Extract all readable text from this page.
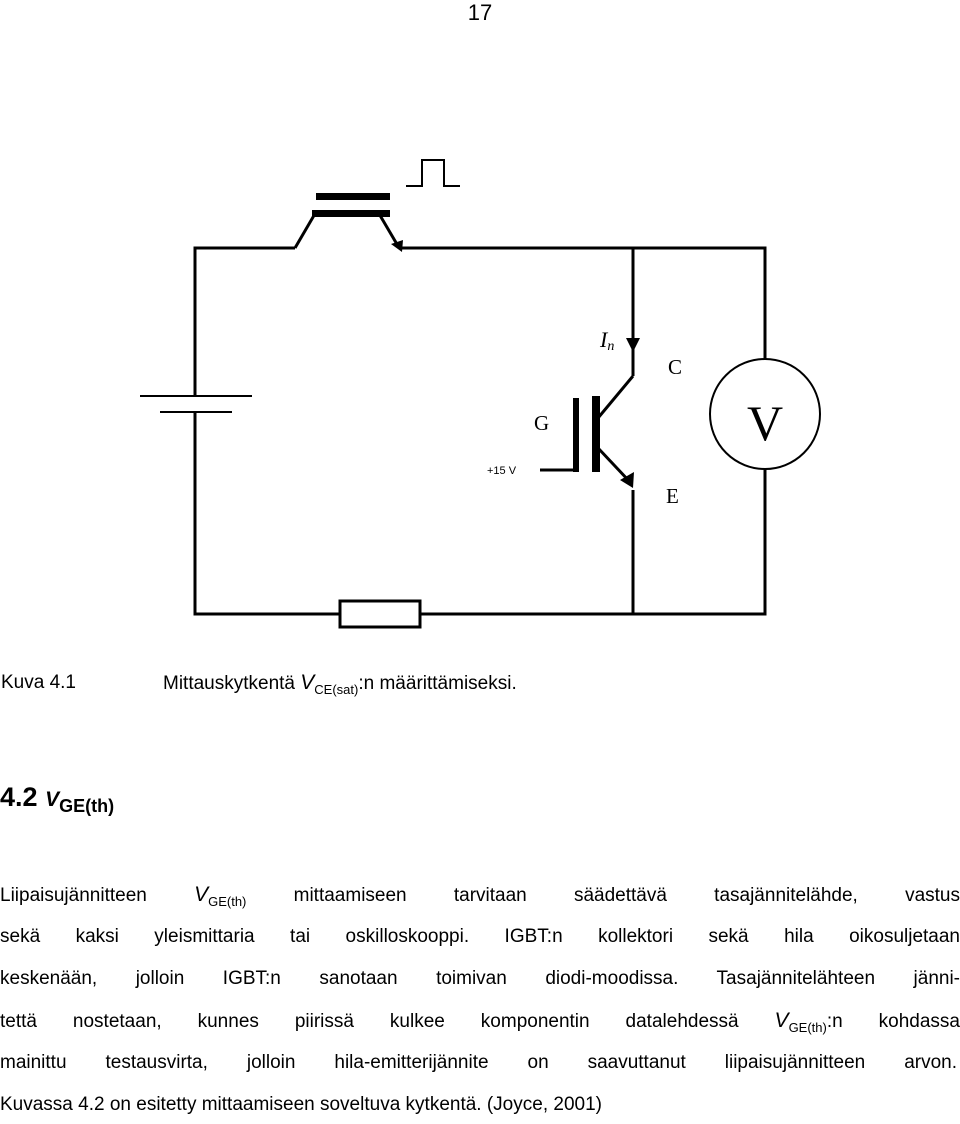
17
In
C
G
E
+15 V
V
Kuva 4.1	Mittauskytkentä $V_{CE(sat)}:n$ määrittämiseksi.
4.2 $V_{GE(th)}$
Liipaisujännitteen $V_{GE(th)}$ mittaamiseen tarvitaan säädettävä tasajännitelähde, vastus
sekä kaksi yleismittaria tai oskilloskooppi. IGBT:n kollektori sekä hila oikosuljetaan
keskenään, jolloin IGBT:n sanotaan toimivan diodi-moodissa. Tasajännitelähteen jänni-
tettä nostetaan, kunnes piirissä kulkee komponentin datalehdessä $V_{GE(th)}:n$ kohdassa
mainittu testausvirta, jolloin hila-emitterijännite on saavuttanut liipaisujännitteen arvon.
Kuvassa 4.2 on esitetty mittaamiseen soveltuva kytkentä. (Joyce, 2001)
